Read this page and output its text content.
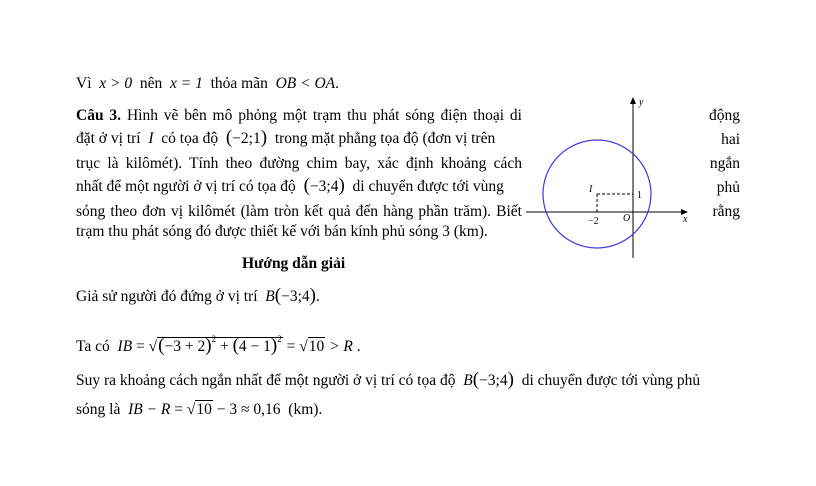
Vì x > 0 nên x = 1 thỏa mãn OB < OA.
Câu 3. Hình vẽ bên mô phỏng một trạm thu phát sóng điện thoại di
đặt ở vị trí I có tọa độ (−2;1) trong mặt phẳng tọa độ (đơn vị trên
trục là kilômét). Tính theo đường chim bay, xác định khoảng cách
nhất để một người ở vị trí có tọa độ (−3;4) di chuyển được tới vùng
sóng theo đơn vị kilômét (làm tròn kết quả đến hàng phần trăm). Biết
trạm thu phát sóng đó được thiết kế với bán kính phủ sóng 3 (km).
động
hai
ngắn
phủ
rằng
y
x
O
I
−2
1
Hướng dẫn giải
Giả sử người đó đứng ở vị trí B(−3;4).
Ta có IB = $√(-3 + 2)^2 + (4 - 1)^2 = √10 > R$ .
Suy ra khoảng cách ngắn nhất để một người ở vị trí có tọa độ B(−3;4) di chuyển được tới vùng phủ
sóng là IB − R = √10 − 3 ≈ 0,16 (km).
